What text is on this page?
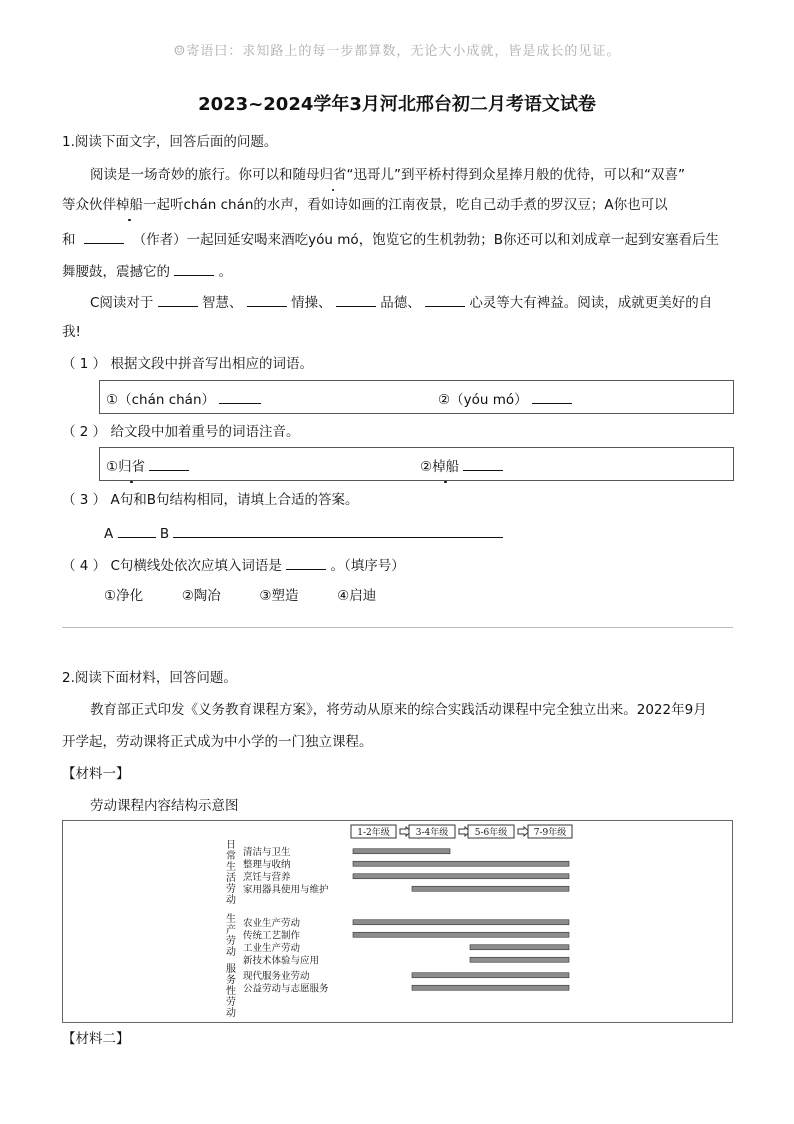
☺寄语曰：求知路上的每一步都算数，无论大小成就，皆是成长的见证。
2023~2024学年3月河北邢台初二月考语文试卷
1.阅读下面文字，回答后面的问题。
阅读是一场奇妙的旅行。你可以和随母归省“迅哥儿”到平桥村得到众星捧月般的优待，可以和“双喜”
等众伙伴棹船一起听chán chán的水声，看如诗如画的江南夜景，吃自己动手煮的罗汉豆；A你也可以
和	（作者）一起回延安喝来酒吃yóu mó，饱览它的生机勃勃；B你还可以和刘成章一起到安塞看后生
舞腰鼓，震撼它的	。
C阅读对于	智慧、	情操、	品德、	心灵等大有裨益。阅读，成就更美好的自
我!
（ 1 ） 根据文段中拼音写出相应的词语。
①（chán chán）	②（yóu mó）
（ 2 ） 给文段中加着重号的词语注音。
①归省	②棹船
（ 3 ） A句和B句结构相同，请填上合适的答案。
A	B
（ 4 ） C句横线处依次应填入词语是	。（填序号）
①净化	②陶冶	③塑造	④启迪
2.阅读下面材料，回答问题。
教育部正式印发《义务教育课程方案》，将劳动从原来的综合实践活动课程中完全独立出来。2022年9月
开学起，劳动课将正式成为中小学的一门独立课程。
【材料一】
劳动课程内容结构示意图
1-2年级	3-4年级	5-6年级	7-9年级
日
常
生
活
劳
动
清洁与卫生
整理与收纳
烹饪与营养
家用器具使用与维护
生
产
劳
动
农业生产劳动
传统工艺制作
工业生产劳动
新技术体验与应用
服
务
性
劳
动
现代服务业劳动
公益劳动与志愿服务
【材料二】
